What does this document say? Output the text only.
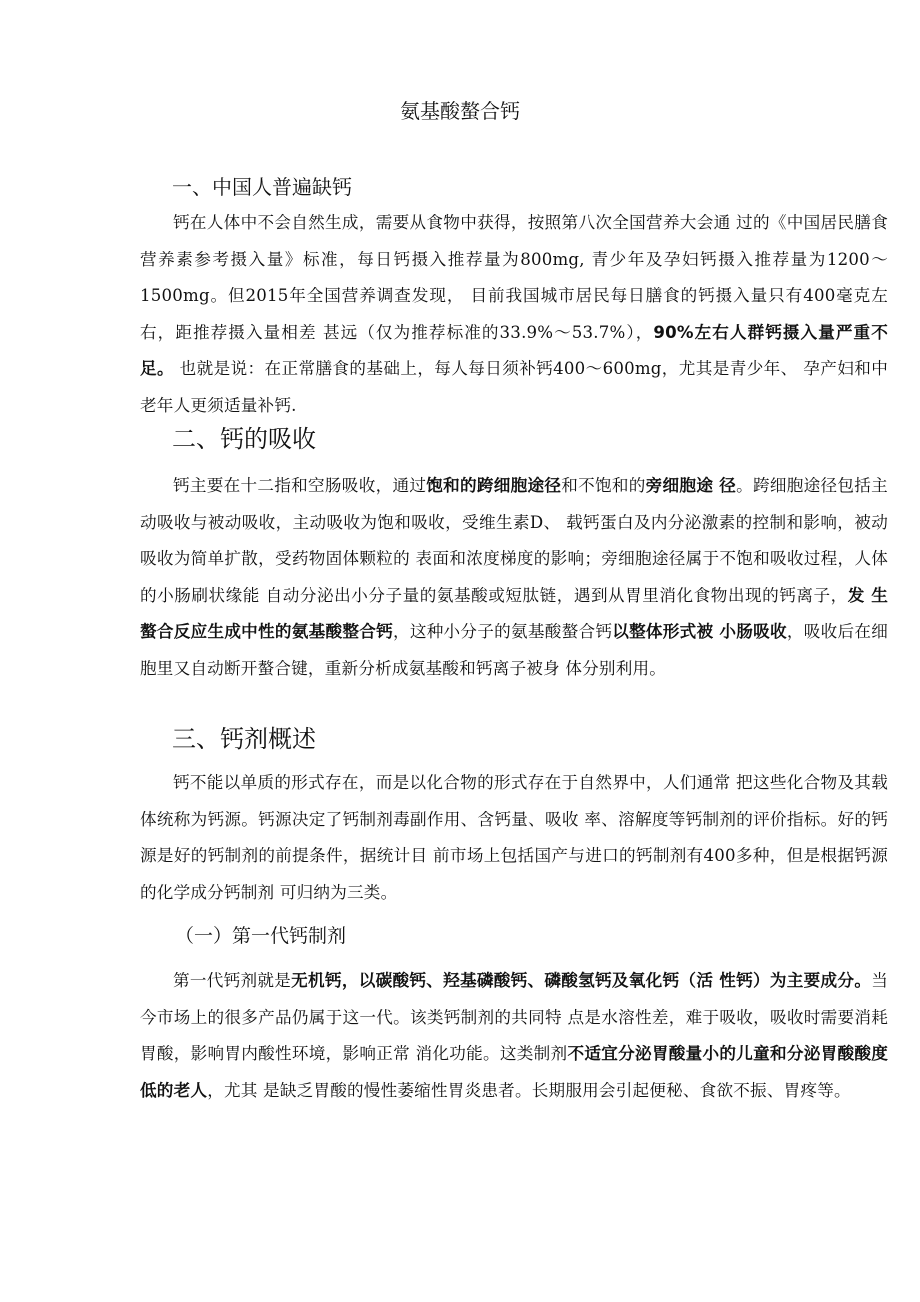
氨基酸螯合钙
一、中国人普遍缺钙

钙在人体中不会自然生成，需要从食物中获得，按照第八次全国营养大会通 过的《中国居民膳食营养素参考摄入量》标准，每日钙摄入推荐量为800mg, 青少年及孕妇钙摄入推荐量为1200〜1500mg。但2015年全国营养调查发现， 目前我国城市居民每日膳食的钙摄入量只有400毫克左右，距推荐摄入量相差 甚远（仅为推荐标准的33.9%〜53.7%），90%左右人群钙摄入量严重不足。 也就是说：在正常膳食的基础上，每人每日须补钙400〜600mg，尤其是青少年、 孕产妇和中老年人更须适量补钙.

二、钙的吸收

钙主要在十二指和空肠吸收，通过饱和的跨细胞途径和不饱和的旁细胞途 径。跨细胞途径包括主动吸收与被动吸收，主动吸收为饱和吸收，受维生素D、 载钙蛋白及内分泌激素的控制和影响，被动吸收为简单扩散，受药物固体颗粒的 表面和浓度梯度的影响；旁细胞途径属于不饱和吸收过程，人体的小肠刷状缘能 自动分泌出小分子量的氨基酸或短肽链，遇到从胃里消化食物出现的钙离子，发 生螯合反应生成中性的氨基酸整合钙，这种小分子的氨基酸螯合钙以整体形式被 小肠吸收，吸收后在细胞里又自动断开螯合键，重新分析成氨基酸和钙离子被身 体分别利用。

三、钙剂概述

钙不能以单质的形式存在，而是以化合物的形式存在于自然界中，人们通常 把这些化合物及其载体统称为钙源。钙源决定了钙制剂毒副作用、含钙量、吸收 率、溶解度等钙制剂的评价指标。好的钙源是好的钙制剂的前提条件，据统计目 前市场上包括国产与进口的钙制剂有400多种，但是根据钙源的化学成分钙制剂 可归纳为三类。

（一）第一代钙制剂

第一代钙剂就是无机钙，以碳酸钙、羟基磷酸钙、磷酸氢钙及氧化钙（活 性钙）为主要成分。当今市场上的很多产品仍属于这一代。该类钙制剂的共同特 点是水溶性差，难于吸收，吸收时需要消耗胃酸，影响胃内酸性环境，影响正常 消化功能。这类制剂不适宜分泌胃酸量小的儿童和分泌胃酸酸度低的老人，尤其 是缺乏胃酸的慢性萎缩性胃炎患者。长期服用会引起便秘、食欲不振、胃疼等。
